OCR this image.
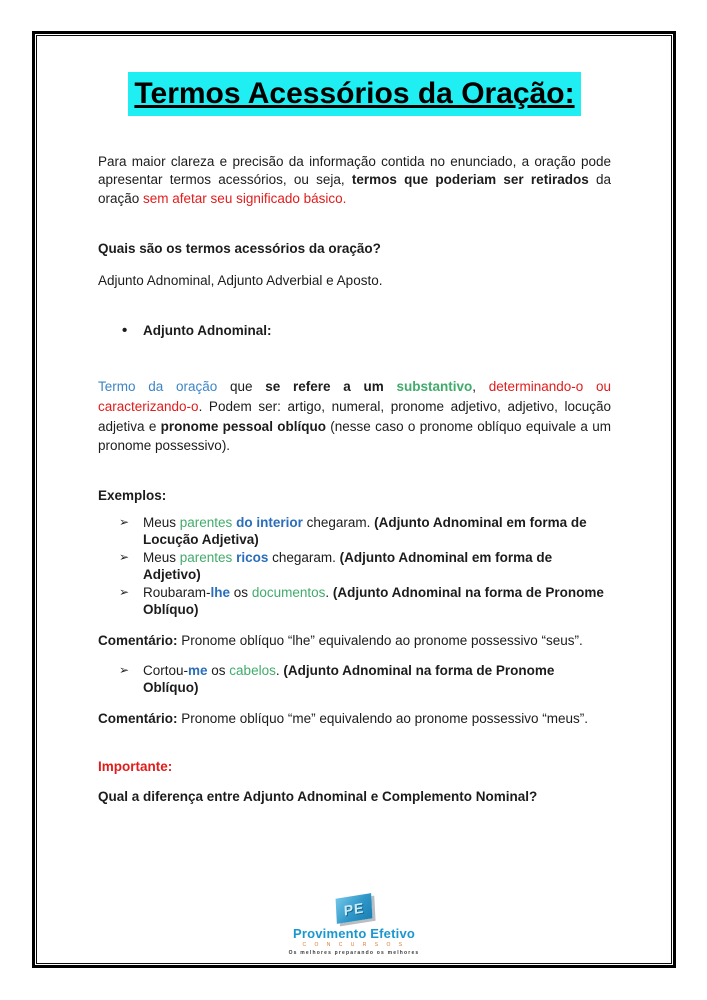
Termos Acessórios da Oração:

Para maior clareza e precisão da informação contida no enunciado, a oração pode apresentar termos acessórios, ou seja, termos que poderiam ser retirados da oração sem afetar seu significado básico.

Quais são os termos acessórios da oração?

Adjunto Adnominal, Adjunto Adverbial e Aposto.

• Adjunto Adnominal:

Termo da oração que se refere a um substantivo, determinando-o ou caracterizando-o. Podem ser: artigo, numeral, pronome adjetivo, adjetivo, locução adjetiva e pronome pessoal oblíquo (nesse caso o pronome oblíquo equivale a um pronome possessivo).

Exemplos:

➢ Meus parentes do interior chegaram. (Adjunto Adnominal em forma de Locução Adjetiva)
➢ Meus parentes ricos chegaram. (Adjunto Adnominal em forma de Adjetivo)
➢ Roubaram-lhe os documentos. (Adjunto Adnominal na forma de Pronome Oblíquo)

Comentário: Pronome oblíquo “lhe” equivalendo ao pronome possessivo “seus”.

➢ Cortou-me os cabelos. (Adjunto Adnominal na forma de Pronome Oblíquo)

Comentário: Pronome oblíquo “me” equivalendo ao pronome possessivo “meus”.

Importante:

Qual a diferença entre Adjunto Adnominal e Complemento Nominal?

PE
Provimento Efetivo
C O N C U R S O S
Os melhores preparando os melhores
